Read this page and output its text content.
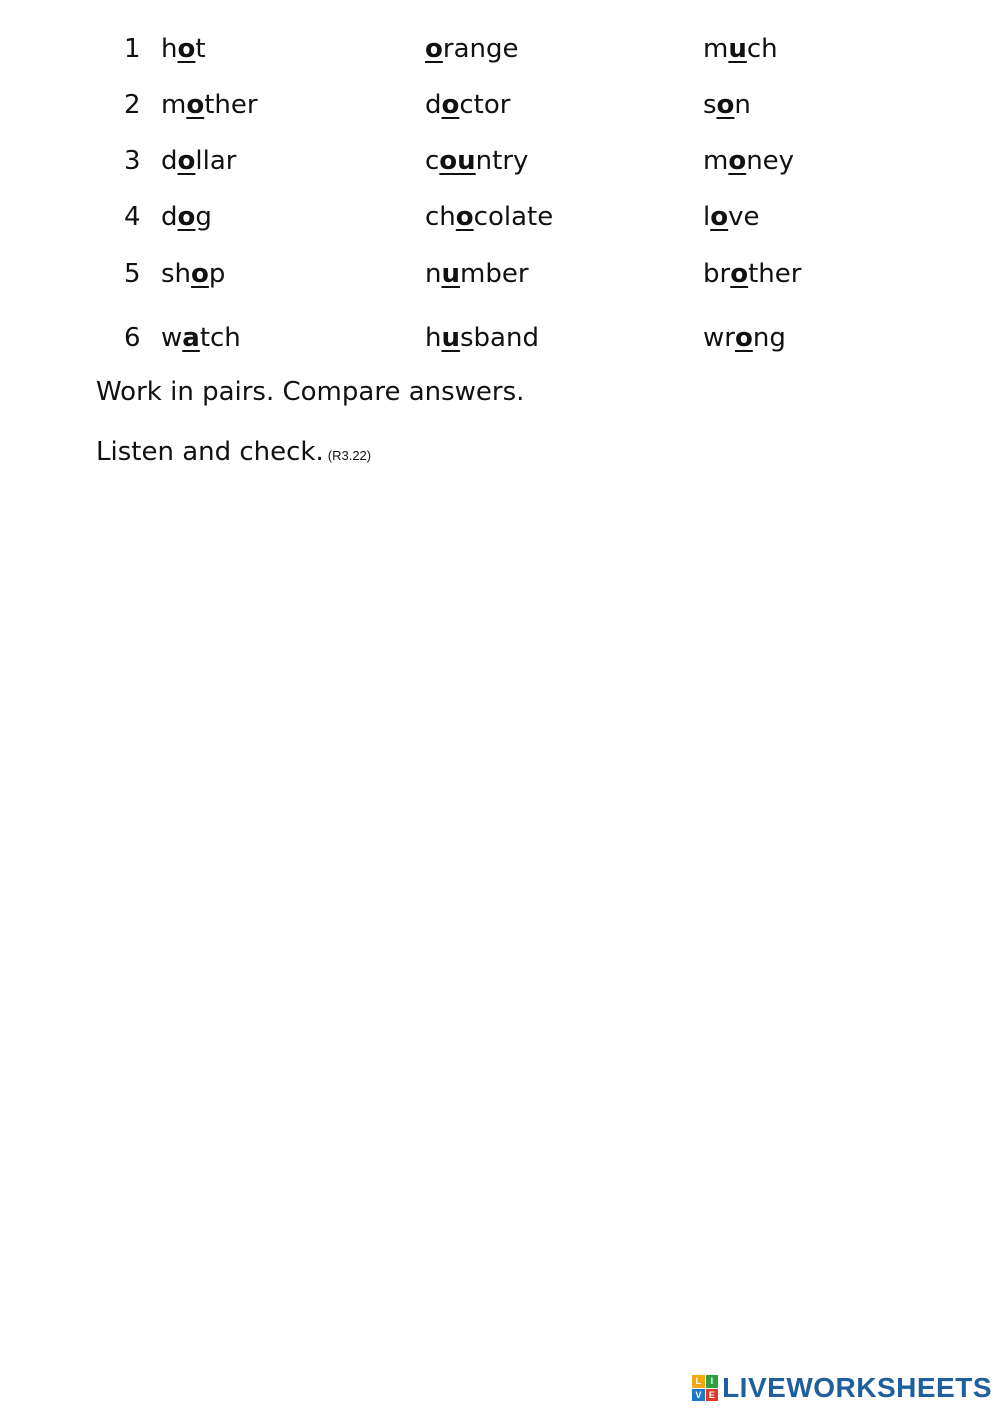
1 hot	orange	much
2 mother	doctor	son
3 dollar	country	money
4 dog	chocolate	love
5 shop	number	brother
6 watch	husband	wrong
Work in pairs. Compare answers.
Listen and check. (R3.22)
L	I
V E LIVEWORKSHEETS
